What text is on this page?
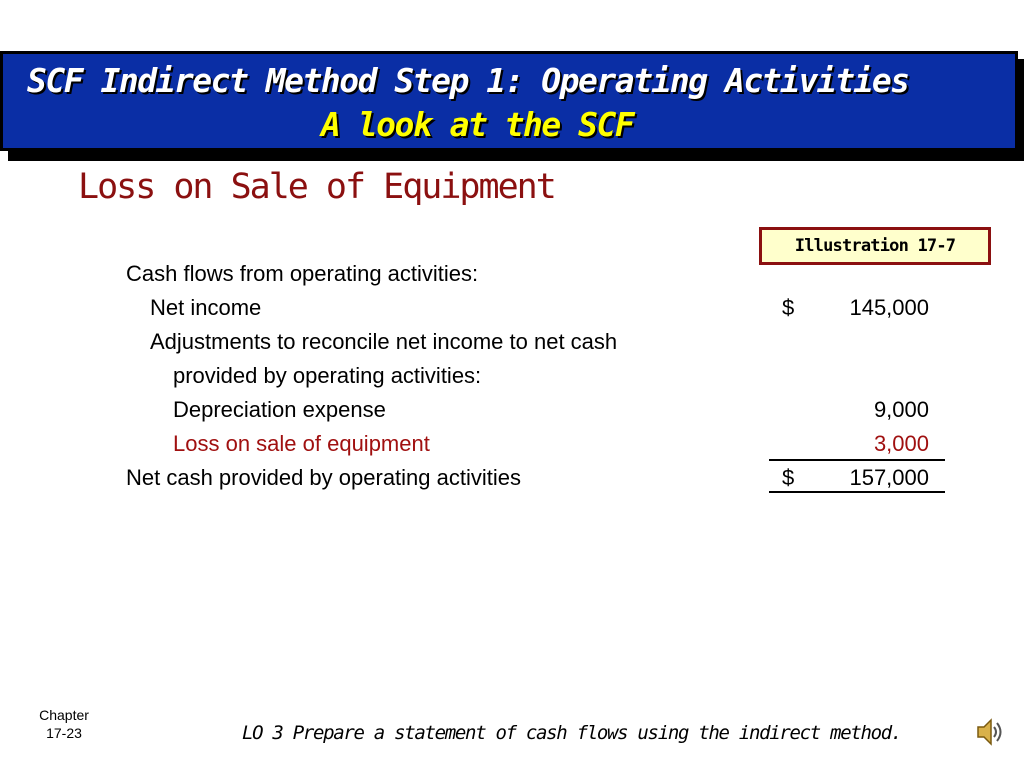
SCF Indirect Method Step 1: Operating Activities
A look at the SCF
Loss on Sale of Equipment
Illustration 17-7
Cash flows from operating activities:
Net income	$	145,000
Adjustments to reconcile net income to net cash
provided by operating activities:
Depreciation expense	9,000
Loss on sale of equipment	3,000
Net cash provided by operating activities	$	157,000
Chapter
17-23	LO 3 Prepare a statement of cash flows using the indirect method.
